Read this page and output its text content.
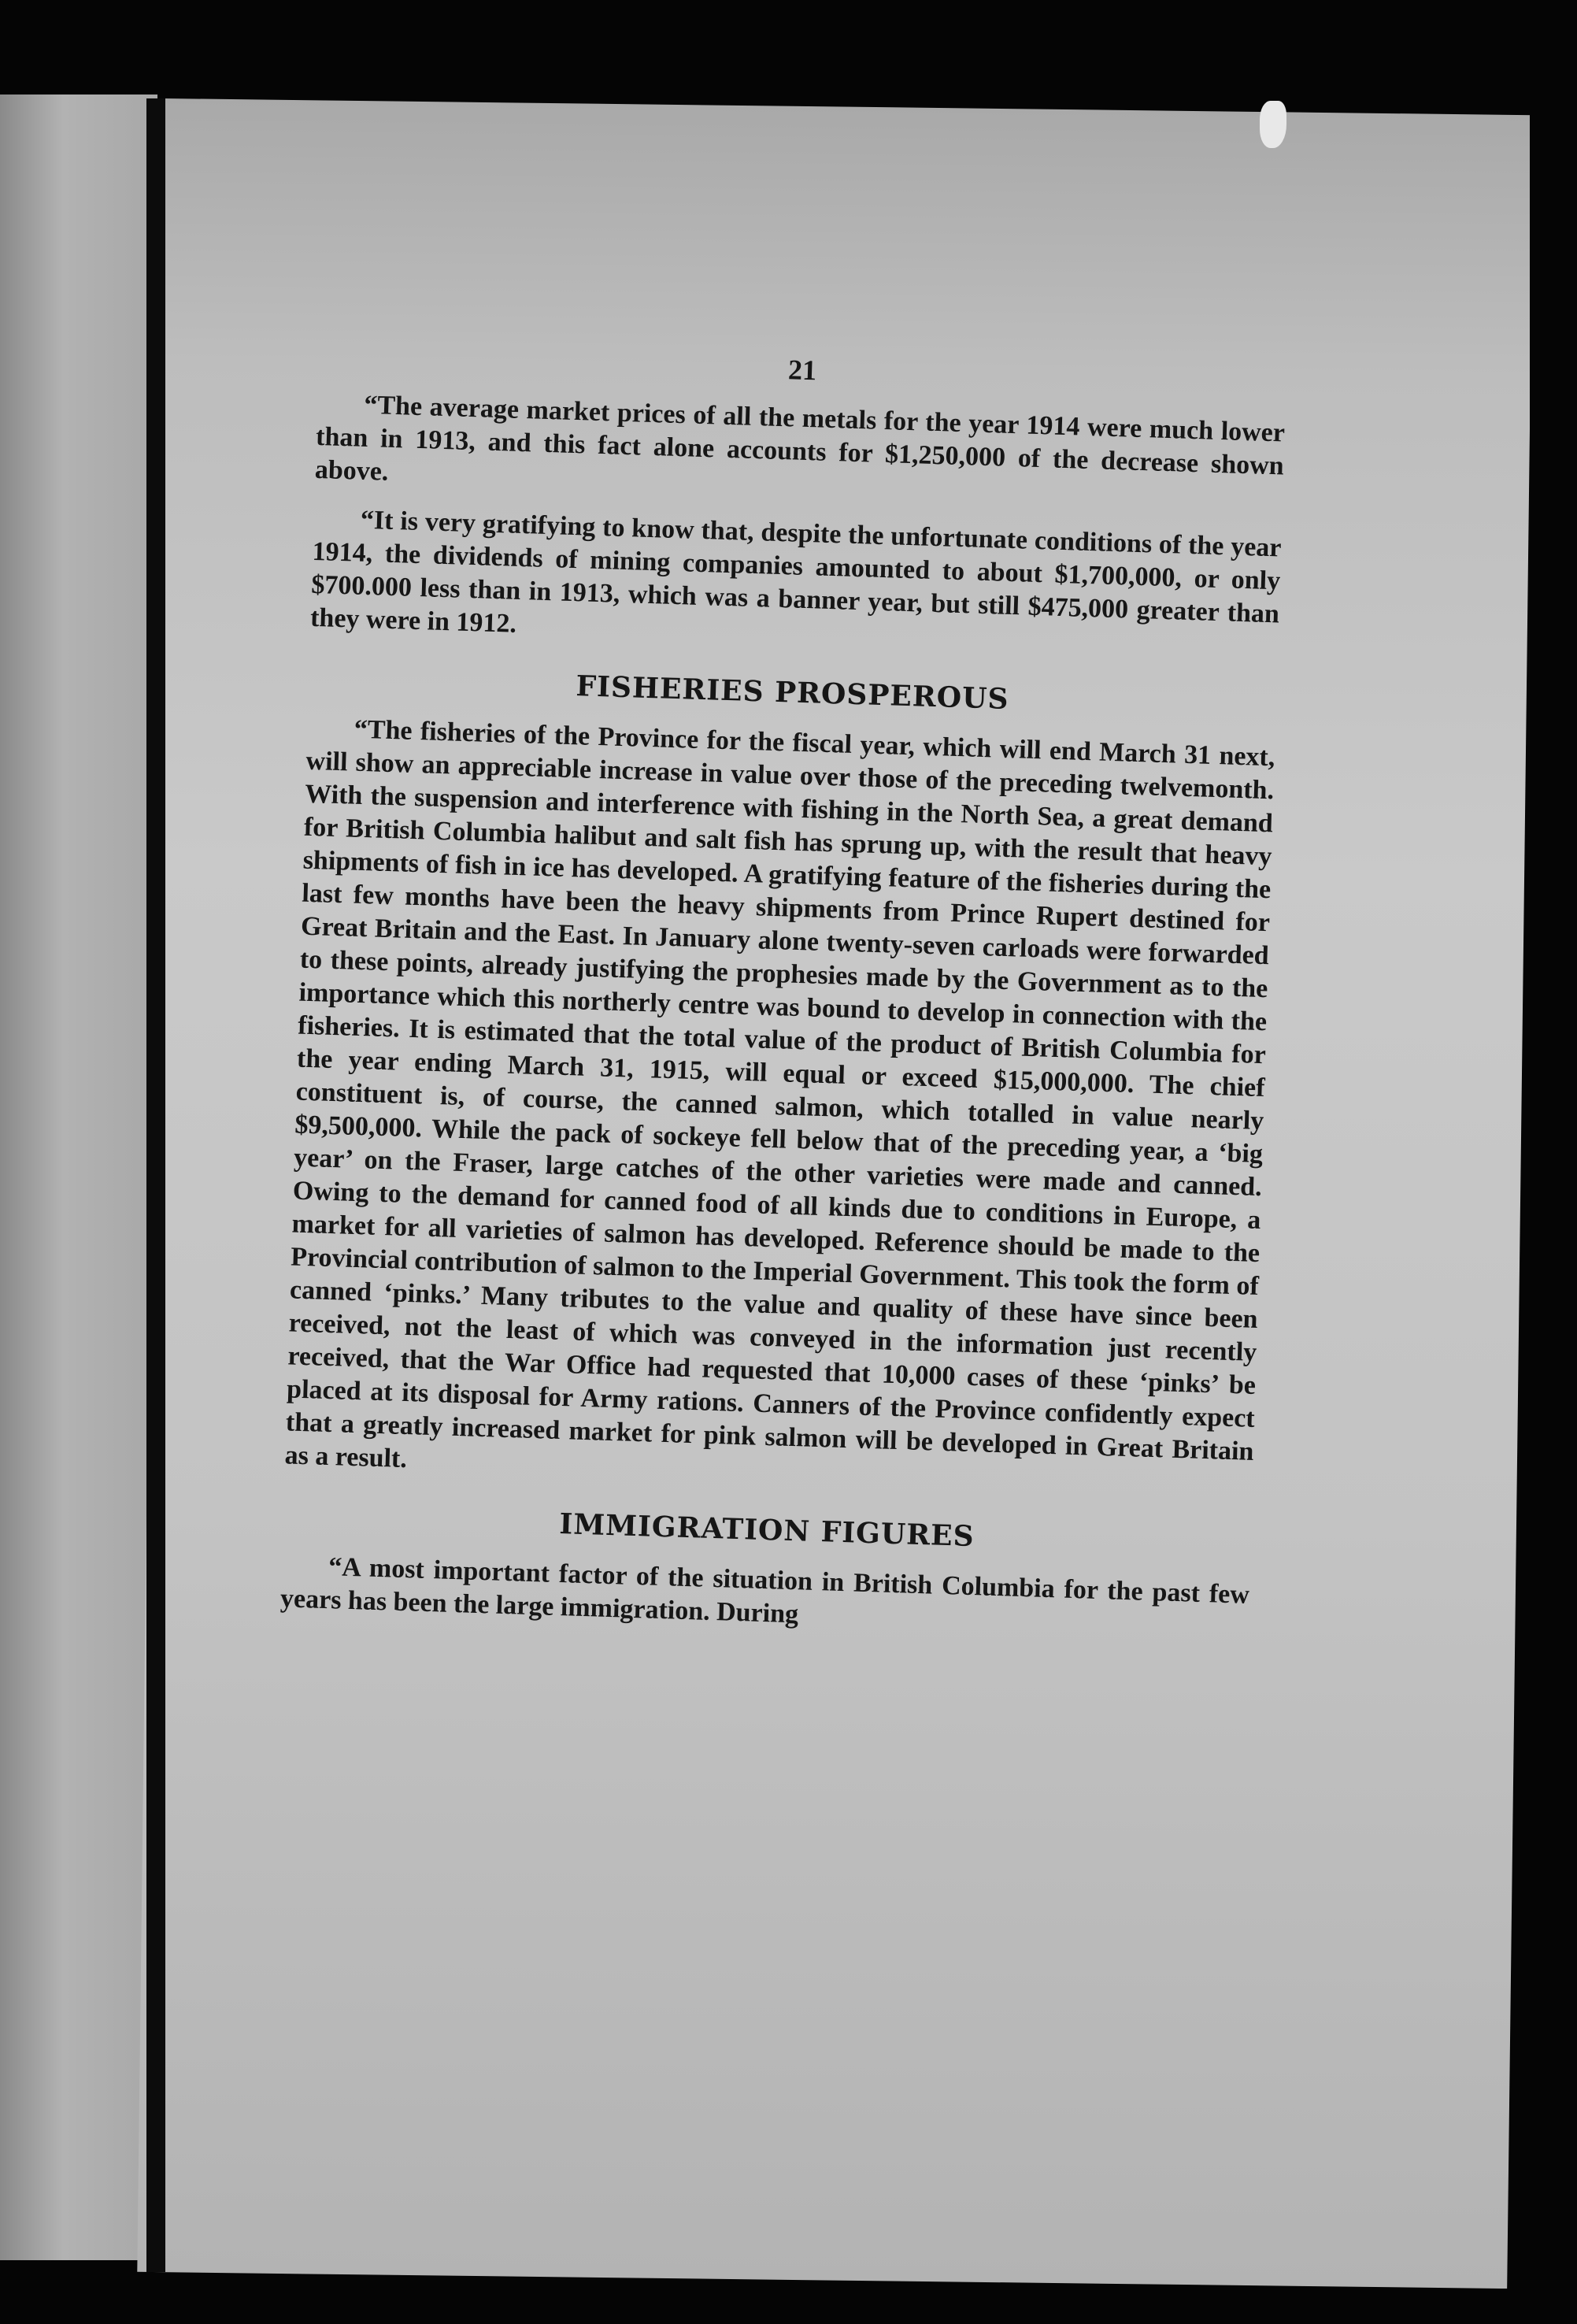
21

“The average market prices of all the metals for the year 1914 were much lower than in 1913, and this fact alone accounts for $1,250,000 of the decrease shown above.

“It is very gratifying to know that, despite the unfortunate conditions of the year 1914, the dividends of mining companies amounted to about $1,700,000, or only $700.000 less than in 1913, which was a banner year, but still $475,000 greater than they were in 1912.

FISHERIES PROSPEROUS

“The fisheries of the Province for the fiscal year, which will end March 31 next, will show an appreciable increase in value over those of the preceding twelvemonth. With the suspension and interference with fishing in the North Sea, a great demand for British Columbia halibut and salt fish has sprung up, with the result that heavy shipments of fish in ice has developed. A gratifying feature of the fisheries during the last few months have been the heavy shipments from Prince Rupert destined for Great Britain and the East. In January alone twenty-seven carloads were forwarded to these points, already justifying the prophesies made by the Government as to the importance which this northerly centre was bound to develop in connection with the fisheries. It is estimated that the total value of the product of British Columbia for the year ending March 31, 1915, will equal or exceed $15,000,000. The chief constituent is, of course, the canned salmon, which totalled in value nearly $9,500,000. While the pack of sockeye fell below that of the preceding year, a ‘big year’ on the Fraser, large catches of the other varieties were made and canned. Owing to the demand for canned food of all kinds due to conditions in Europe, a market for all varieties of salmon has developed. Reference should be made to the Provincial contribution of salmon to the Imperial Government. This took the form of canned ‘pinks.’ Many tributes to the value and quality of these have since been received, not the least of which was conveyed in the information just recently received, that the War Office had requested that 10,000 cases of these ‘pinks’ be placed at its disposal for Army rations. Canners of the Province confidently expect that a greatly increased market for pink salmon will be developed in Great Britain as a result.

IMMIGRATION FIGURES

“A most important factor of the situation in British Columbia for the past few years has been the large immigration. During
